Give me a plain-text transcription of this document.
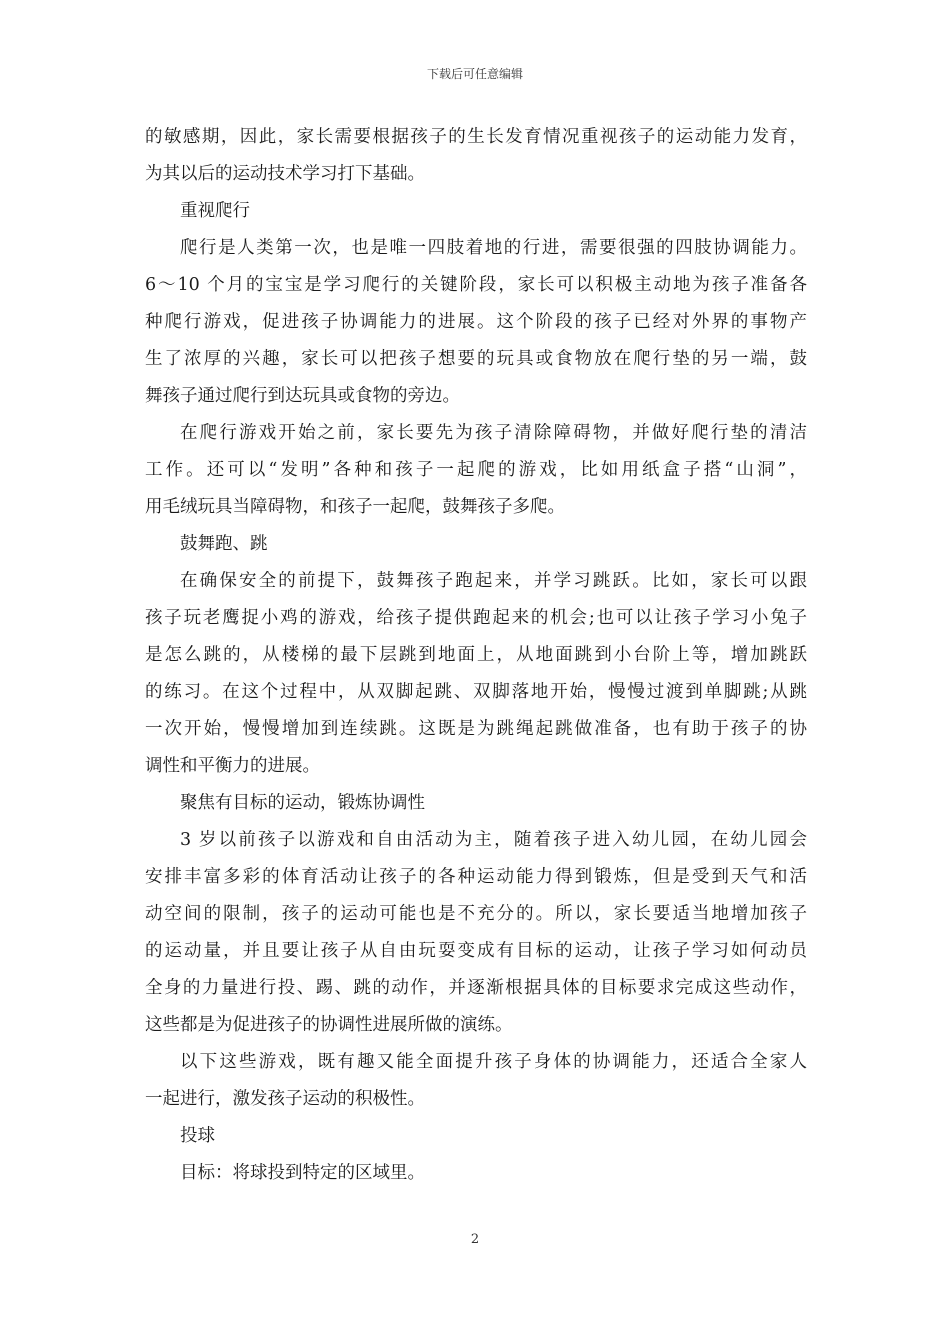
下载后可任意编辑
的敏感期，因此，家长需要根据孩子的生长发育情况重视孩子的运动能力发育，
为其以后的运动技术学习打下基础。
重视爬行
爬行是人类第一次，也是唯一四肢着地的行进，需要很强的四肢协调能力。
6～10 个月的宝宝是学习爬行的关键阶段，家长可以积极主动地为孩子准备各
种爬行游戏，促进孩子协调能力的进展。这个阶段的孩子已经对外界的事物产
生了浓厚的兴趣，家长可以把孩子想要的玩具或食物放在爬行垫的另一端，鼓
舞孩子通过爬行到达玩具或食物的旁边。
在爬行游戏开始之前，家长要先为孩子清除障碍物，并做好爬行垫的清洁
工作。还可以“发明”各种和孩子一起爬的游戏，比如用纸盒子搭“山洞”，
用毛绒玩具当障碍物，和孩子一起爬，鼓舞孩子多爬。
鼓舞跑、跳
在确保安全的前提下，鼓舞孩子跑起来，并学习跳跃。比如，家长可以跟
孩子玩老鹰捉小鸡的游戏，给孩子提供跑起来的机会;也可以让孩子学习小兔子
是怎么跳的，从楼梯的最下层跳到地面上，从地面跳到小台阶上等，增加跳跃
的练习。在这个过程中，从双脚起跳、双脚落地开始，慢慢过渡到单脚跳;从跳
一次开始，慢慢增加到连续跳。这既是为跳绳起跳做准备，也有助于孩子的协
调性和平衡力的进展。
聚焦有目标的运动，锻炼协调性
3 岁以前孩子以游戏和自由活动为主，随着孩子进入幼儿园，在幼儿园会
安排丰富多彩的体育活动让孩子的各种运动能力得到锻炼，但是受到天气和活
动空间的限制，孩子的运动可能也是不充分的。所以，家长要适当地增加孩子
的运动量，并且要让孩子从自由玩耍变成有目标的运动，让孩子学习如何动员
全身的力量进行投、踢、跳的动作，并逐渐根据具体的目标要求完成这些动作，
这些都是为促进孩子的协调性进展所做的演练。
以下这些游戏，既有趣又能全面提升孩子身体的协调能力，还适合全家人
一起进行，激发孩子运动的积极性。
投球
目标：将球投到特定的区域里。
2
